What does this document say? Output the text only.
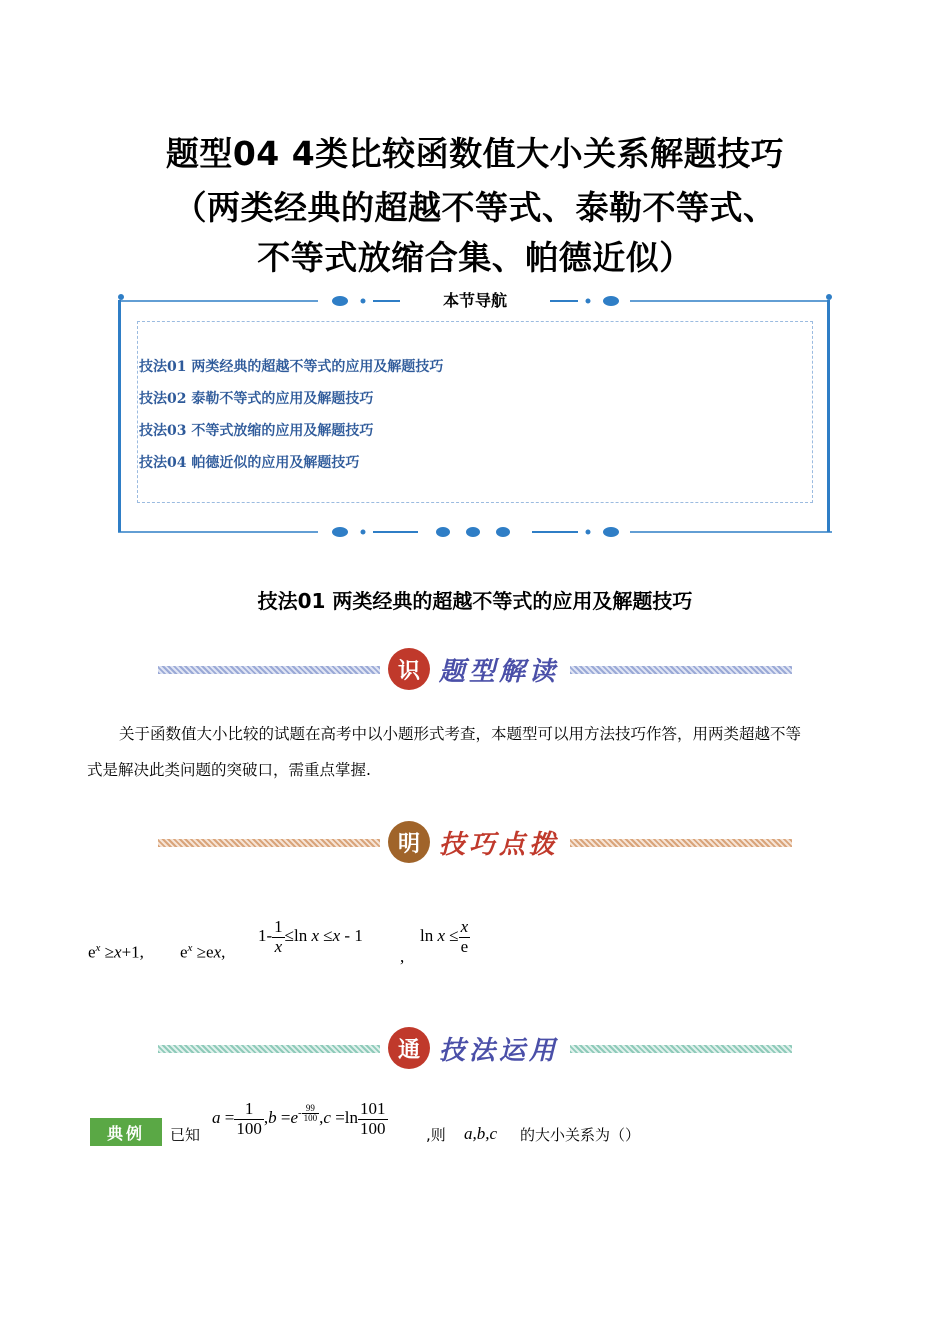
题型04 4类比较函数值大小关系解题技巧
（两类经典的超越不等式、泰勒不等式、
不等式放缩合集、帕德近似）
本节导航
技法01 两类经典的超越不等式的应用及解题技巧
技法02 泰勒不等式的应用及解题技巧
技法03 不等式放缩的应用及解题技巧
技法04 帕德近似的应用及解题技巧
技法01 两类经典的超越不等式的应用及解题技巧
识 题型解读
关于函数值大小比较的试题在高考中以小题形式考查，本题型可以用方法技巧作答，用两类超越不等
式是解决此类问题的突破口，需重点掌握.
明 技巧点拨
$e^x \ge x+1$, $e^x \ge ex$,
$1- \frac{1}{x} \le\ln$ x ≤x - 1
,
$\ln x \le \frac{x}{e}$
通 技法运用
典例	已知
$a = \frac{1}{100} ,b =e^{- \frac{99}{100}}$ $,c =\ln \frac{101}{100}$	,则 a,b,c 的大小关系为（）
